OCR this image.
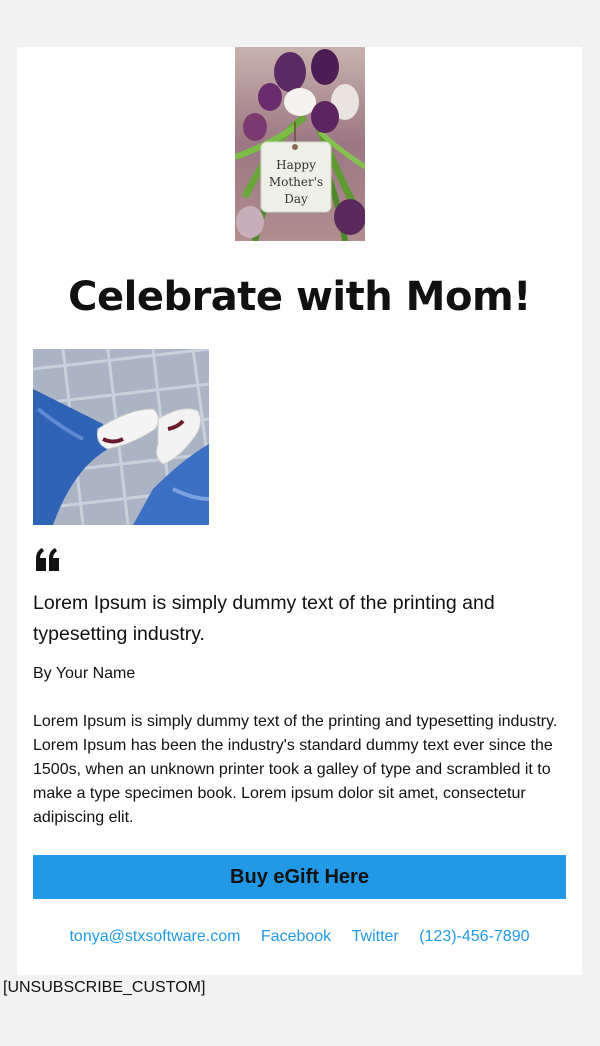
Happy
Mother's
Day
Celebrate with Mom!
Lorem Ipsum is simply dummy text of the printing and typesetting industry.
By Your Name
Lorem Ipsum is simply dummy text of the printing and typesetting industry. Lorem Ipsum has been the industry's standard dummy text ever since the 1500s, when an unknown printer took a galley of type and scrambled it to make a type specimen book. Lorem ipsum dolor sit amet, consectetur adipiscing elit.
Buy eGift Here
tonya@stxsoftware.com Facebook Twitter (123)-456-7890
[UNSUBSCRIBE_CUSTOM]
